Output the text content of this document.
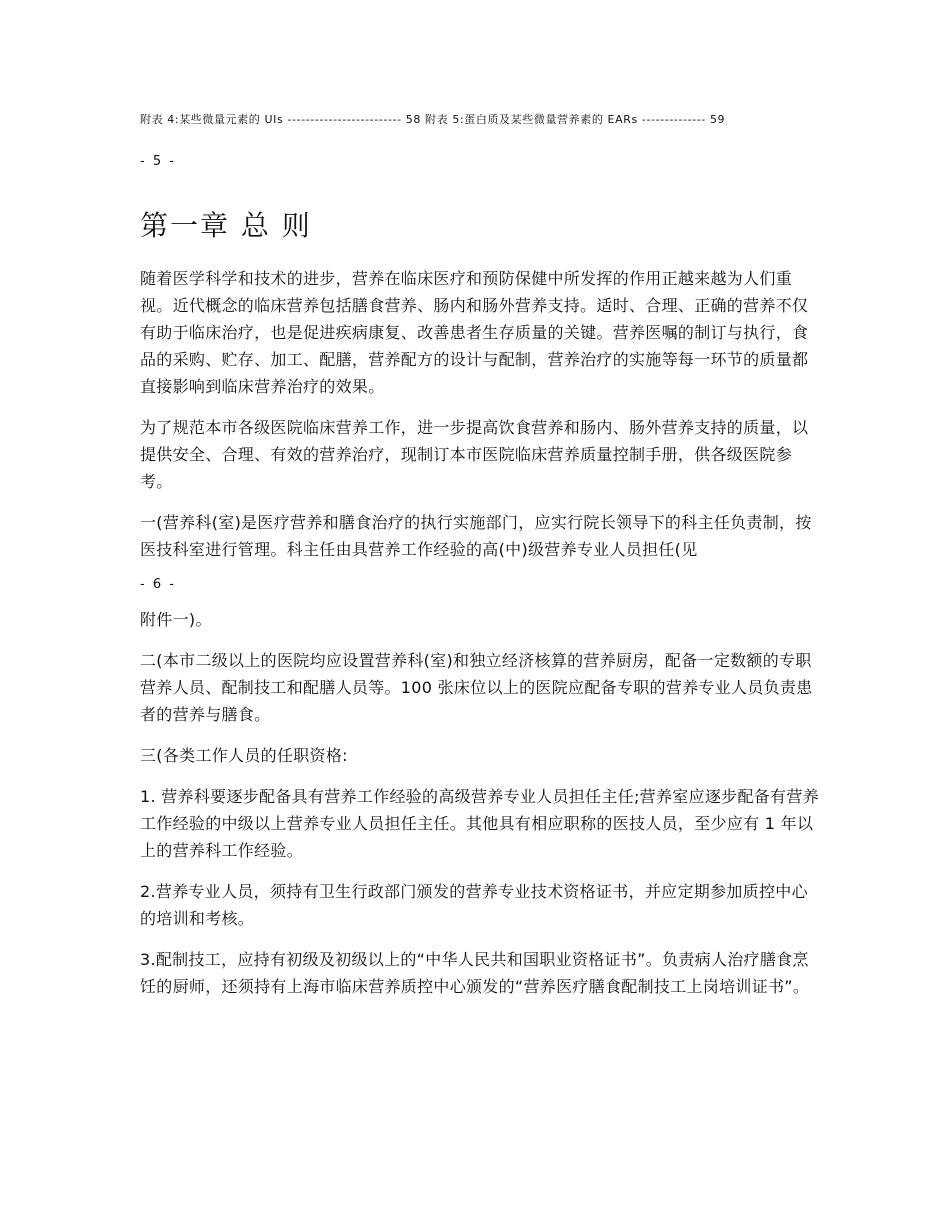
附表 4:某些微量元素的 UIs ------------------------- 58 附表 5:蛋白质及某些微量营养素的 EARs -------------- 59

- 5 -

第一章 总 则

随着医学科学和技术的进步，营养在临床医疗和预防保健中所发挥的作用正越来越为人们重视。近代概念的临床营养包括膳食营养、肠内和肠外营养支持。适时、合理、正确的营养不仅有助于临床治疗，也是促进疾病康复、改善患者生存质量的关键。营养医嘱的制订与执行，食品的采购、贮存、加工、配膳，营养配方的设计与配制，营养治疗的实施等每一环节的质量都直接影响到临床营养治疗的效果。

为了规范本市各级医院临床营养工作，进一步提高饮食营养和肠内、肠外营养支持的质量，以提供安全、合理、有效的营养治疗，现制订本市医院临床营养质量控制手册，供各级医院参考。

一(营养科(室)是医疗营养和膳食治疗的执行实施部门，应实行院长领导下的科主任负责制，按医技科室进行管理。科主任由具营养工作经验的高(中)级营养专业人员担任(见

- 6 -

附件一)。

二(本市二级以上的医院均应设置营养科(室)和独立经济核算的营养厨房，配备一定数额的专职营养人员、配制技工和配膳人员等。100 张床位以上的医院应配备专职的营养专业人员负责患者的营养与膳食。

三(各类工作人员的任职资格:

1. 营养科要逐步配备具有营养工作经验的高级营养专业人员担任主任;营养室应逐步配备有营养工作经验的中级以上营养专业人员担任主任。其他具有相应职称的医技人员，至少应有 1 年以上的营养科工作经验。

2.营养专业人员，须持有卫生行政部门颁发的营养专业技术资格证书，并应定期参加质控中心的培训和考核。

3.配制技工，应持有初级及初级以上的“中华人民共和国职业资格证书”。负责病人治疗膳食烹饪的厨师，还须持有上海市临床营养质控中心颁发的“营养医疗膳食配制技工上岗培训证书”。
